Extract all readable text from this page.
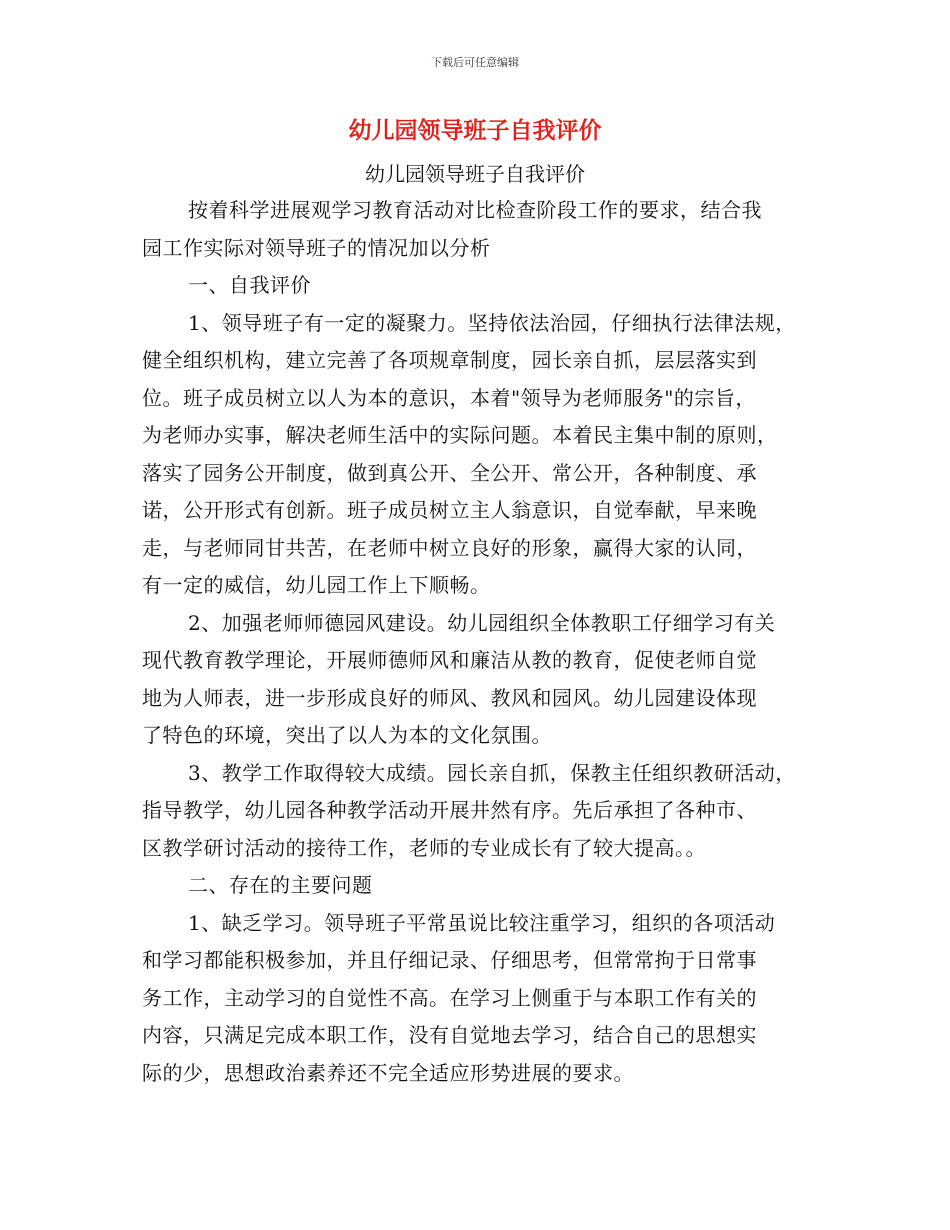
下载后可任意编辑
幼儿园领导班子自我评价
幼儿园领导班子自我评价
按着科学进展观学习教育活动对比检查阶段工作的要求，结合我
园工作实际对领导班子的情况加以分析
一、自我评价
1、领导班子有一定的凝聚力。坚持依法治园，仔细执行法律法规，
健全组织机构，建立完善了各项规章制度，园长亲自抓，层层落实到
位。班子成员树立以人为本的意识，本着"领导为老师服务"的宗旨，
为老师办实事，解决老师生活中的实际问题。本着民主集中制的原则，
落实了园务公开制度，做到真公开、全公开、常公开，各种制度、承
诺，公开形式有创新。班子成员树立主人翁意识，自觉奉献，早来晚
走，与老师同甘共苦，在老师中树立良好的形象，赢得大家的认同，
有一定的威信，幼儿园工作上下顺畅。
2、加强老师师德园风建设。幼儿园组织全体教职工仔细学习有关
现代教育教学理论，开展师德师风和廉洁从教的教育，促使老师自觉
地为人师表，进一步形成良好的师风、教风和园风。幼儿园建设体现
了特色的环境，突出了以人为本的文化氛围。
3、教学工作取得较大成绩。园长亲自抓，保教主任组织教研活动，
指导教学，幼儿园各种教学活动开展井然有序。先后承担了各种市、
区教学研讨活动的接待工作，老师的专业成长有了较大提高。。
二、存在的主要问题
1、缺乏学习。领导班子平常虽说比较注重学习，组织的各项活动
和学习都能积极参加，并且仔细记录、仔细思考，但常常拘于日常事
务工作，主动学习的自觉性不高。在学习上侧重于与本职工作有关的
内容，只满足完成本职工作，没有自觉地去学习，结合自己的思想实
际的少，思想政治素养还不完全适应形势进展的要求。
